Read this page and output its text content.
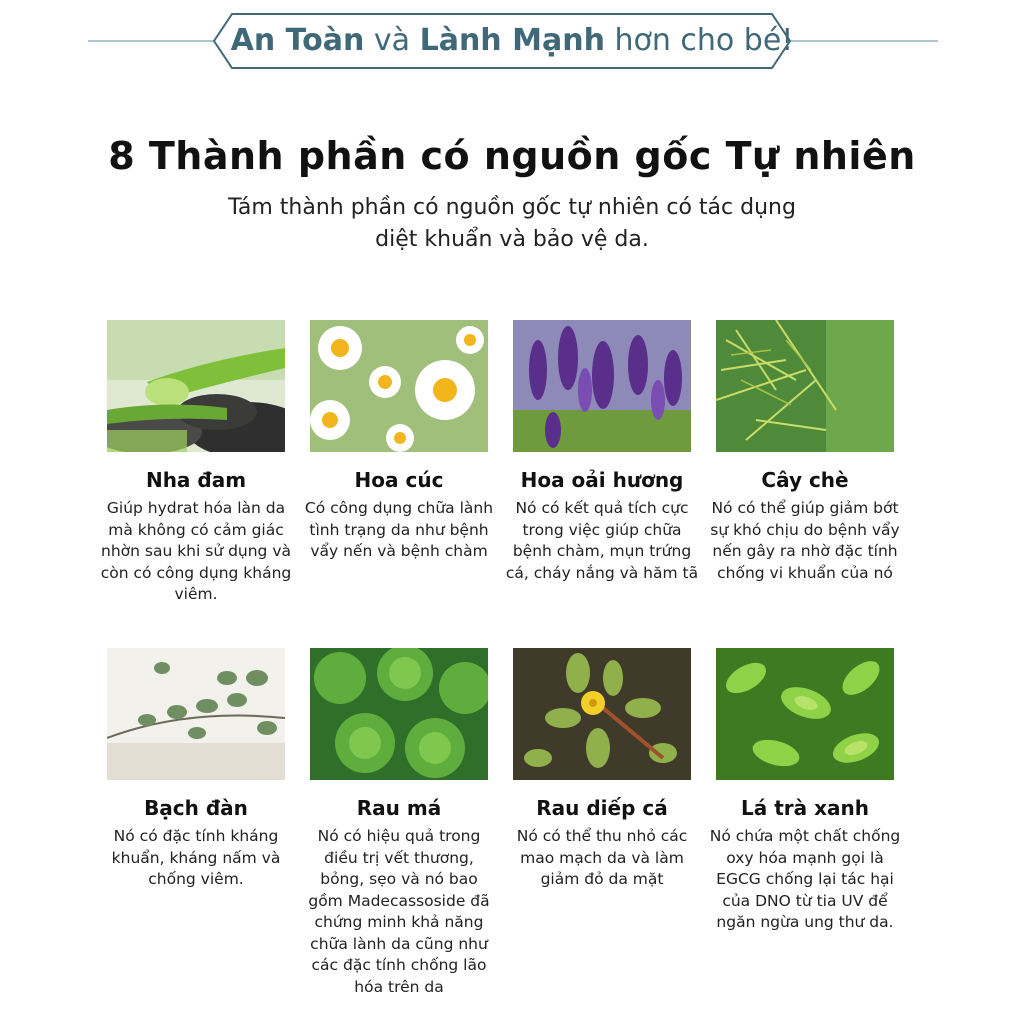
An Toàn và Lành Mạnh hơn cho bé!
8 Thành phần có nguồn gốc Tự nhiên
Tám thành phần có nguồn gốc tự nhiên có tác dụng diệt khuẩn và bảo vệ da.
Nha đam
Giúp hydrat hóa làn da mà không có cảm giác nhờn sau khi sử dụng và còn có công dụng kháng viêm.
Hoa cúc
Có công dụng chữa lành tình trạng da như bệnh vẩy nến và bệnh chàm
Hoa oải hương
Nó có kết quả tích cực trong việc giúp chữa bệnh chàm, mụn trứng cá, cháy nắng và hăm tã
Cây chè
Nó có thể giúp giảm bớt sự khó chịu do bệnh vẩy nến gây ra nhờ đặc tính chống vi khuẩn của nó
Bạch đàn
Nó có đặc tính kháng khuẩn, kháng nấm và chống viêm.
Rau má
Nó có hiệu quả trong điều trị vết thương, bỏng, sẹo và nó bao gồm Madecassoside đã chứng minh khả năng chữa lành da cũng như các đặc tính chống lão hóa trên da
Rau diếp cá
Nó có thể thu nhỏ các mao mạch da và làm giảm đỏ da mặt
Lá trà xanh
Nó chứa một chất chống oxy hóa mạnh gọi là EGCG chống lại tác hại của DNO từ tia UV để ngăn ngừa ung thư da.
